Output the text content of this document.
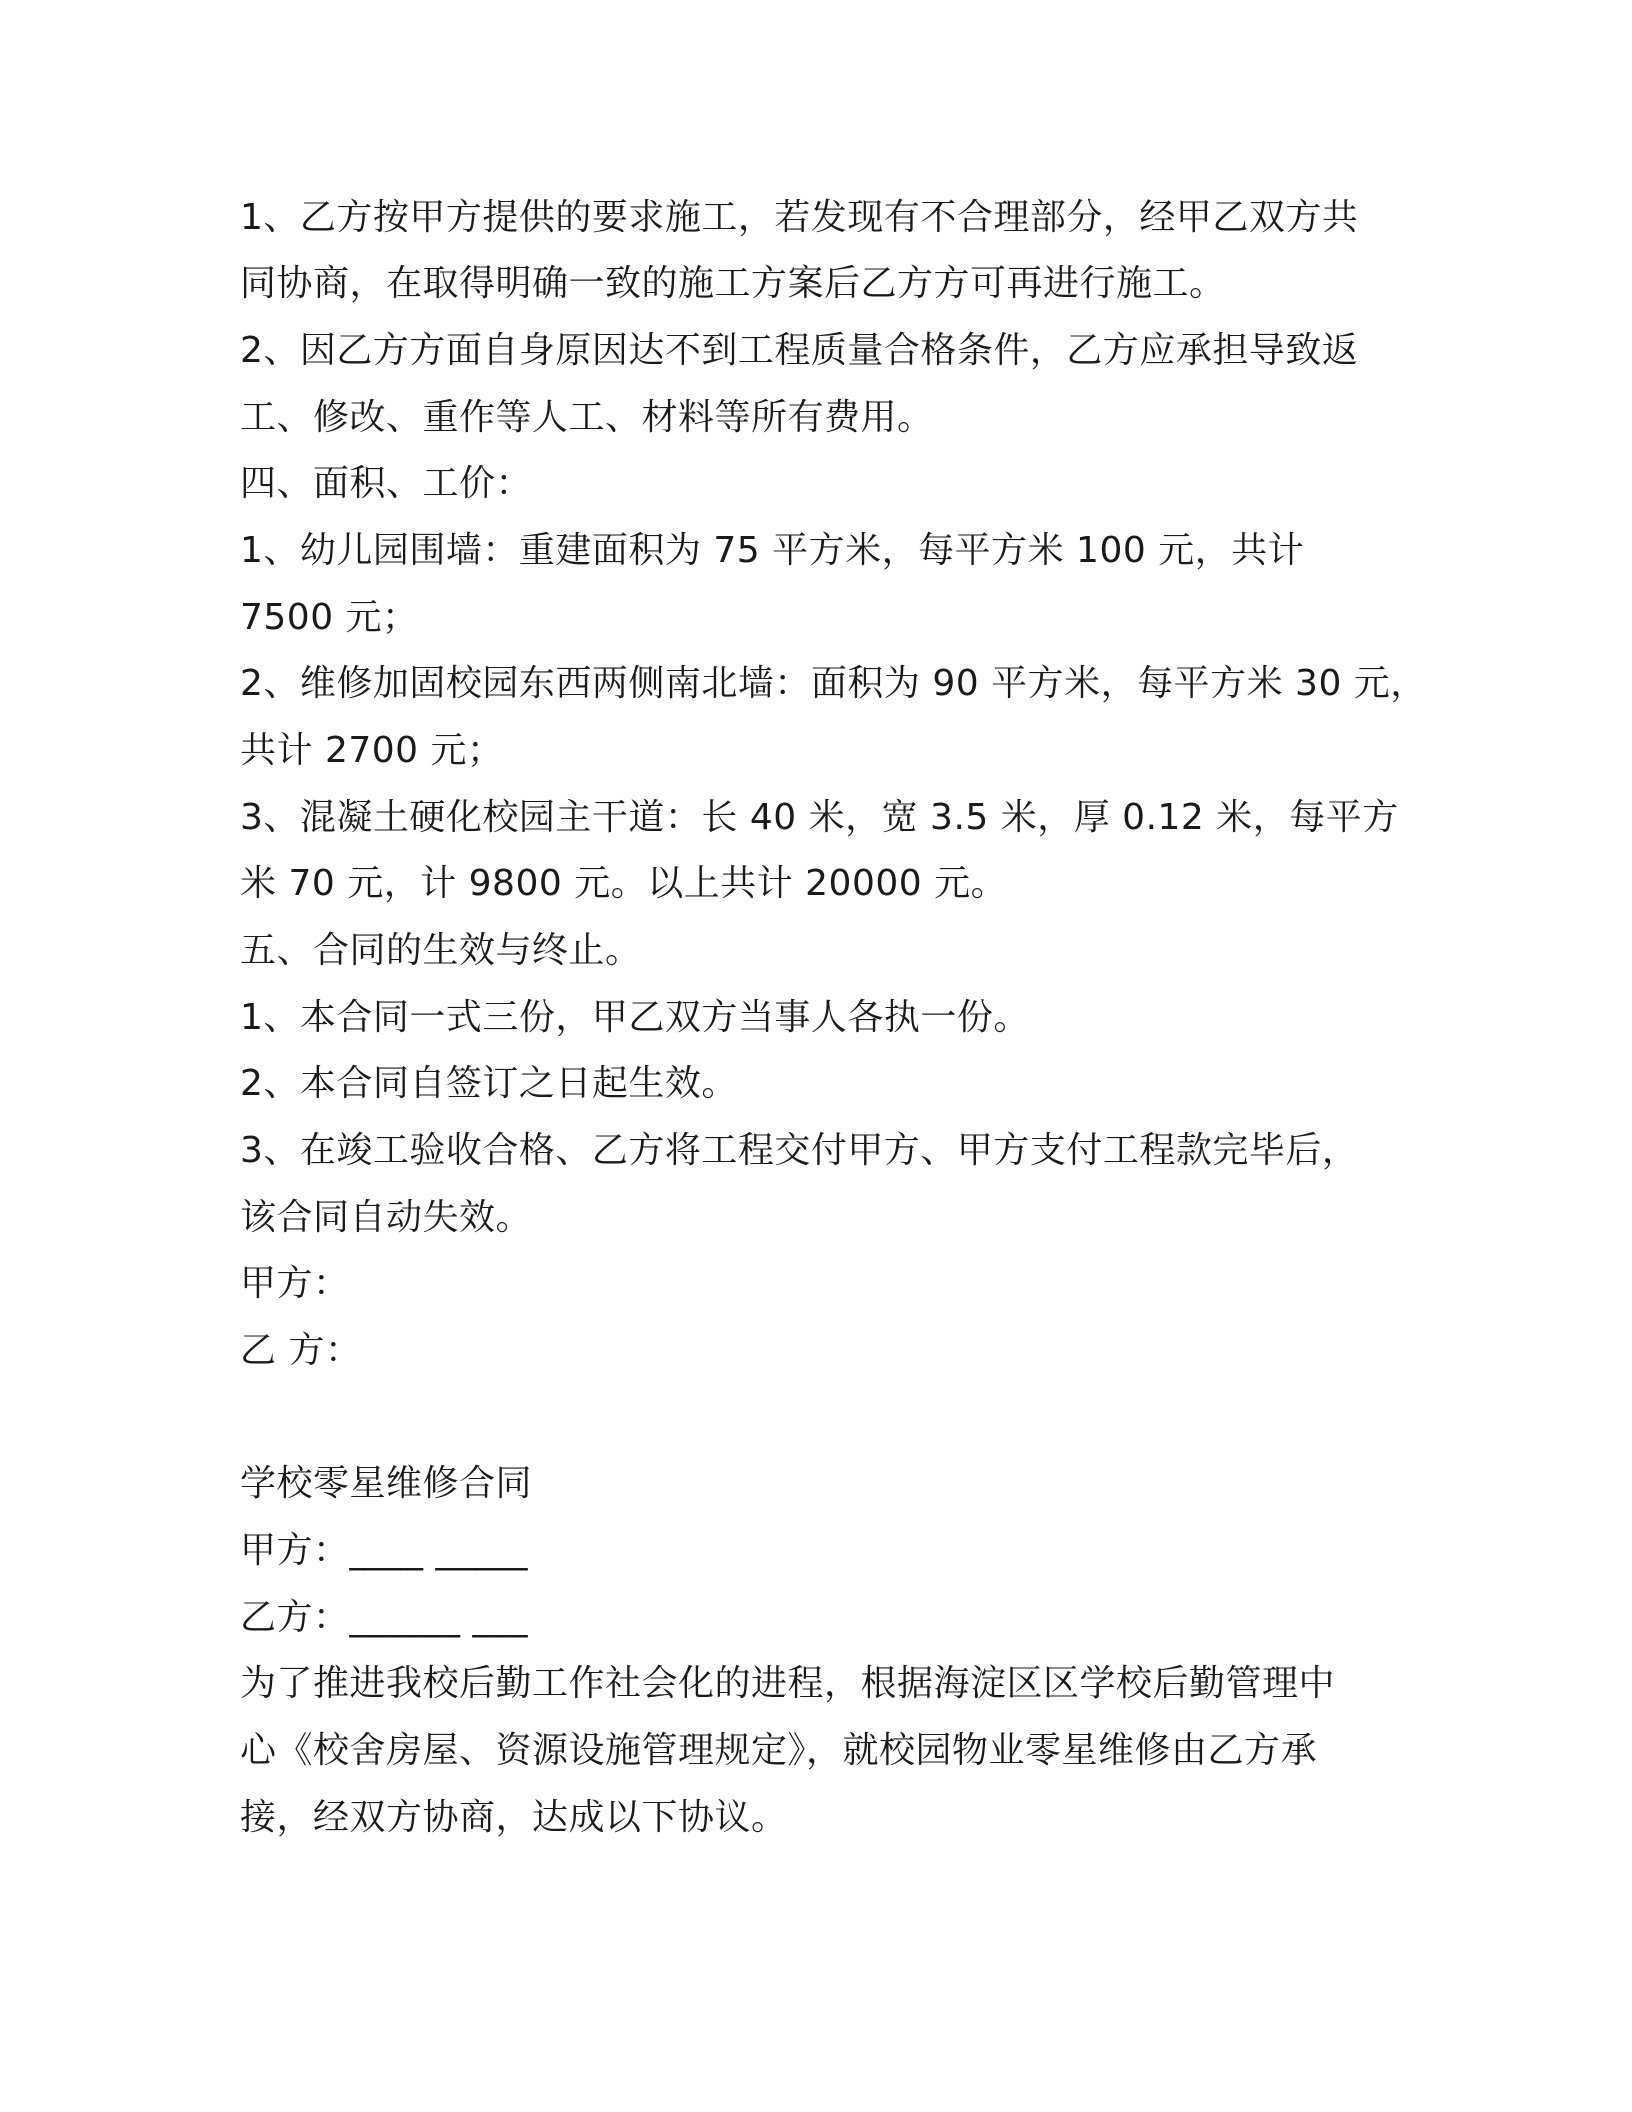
1、乙方按甲方提供的要求施工，若发现有不合理部分，经甲乙双方共
同协商，在取得明确一致的施工方案后乙方方可再进行施工。
2、因乙方方面自身原因达不到工程质量合格条件，乙方应承担导致返
工、修改、重作等人工、材料等所有费用。
四、面积、工价：
1、幼儿园围墙：重建面积为 75 平方米，每平方米 100 元，共计
7500 元；
2、维修加固校园东西两侧南北墙：面积为 90 平方米，每平方米 30 元，
共计 2700 元；
3、混凝土硬化校园主干道：长 40 米，宽 3.5 米，厚 0.12 米，每平方
米 70 元，计 9800 元。以上共计 20000 元。
五、合同的生效与终止。
1、本合同一式三份，甲乙双方当事人各执一份。
2、本合同自签订之日起生效。
3、在竣工验收合格、乙方将工程交付甲方、甲方支付工程款完毕后，
该合同自动失效。
甲方：
乙 方：
学校零星维修合同
甲方：____ _____
乙方：______ ___
为了推进我校后勤工作社会化的进程，根据海淀区区学校后勤管理中
心《校舍房屋、资源设施管理规定》，就校园物业零星维修由乙方承
接，经双方协商，达成以下协议。
